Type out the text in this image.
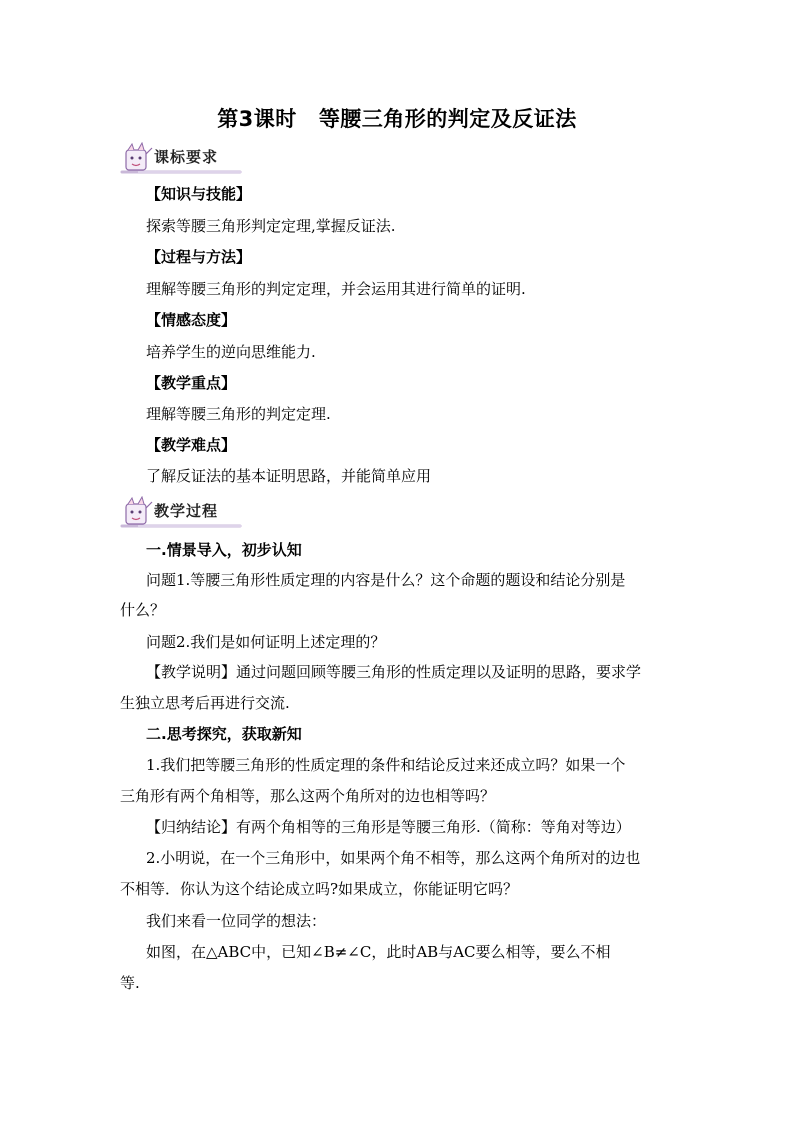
第3课时 等腰三角形的判定及反证法
课标要求
【知识与技能】
探索等腰三角形判定定理,掌握反证法.
【过程与方法】
理解等腰三角形的判定定理，并会运用其进行简单的证明.
【情感态度】
培养学生的逆向思维能力.
【教学重点】
理解等腰三角形的判定定理.
【教学难点】
了解反证法的基本证明思路，并能简单应用
教学过程
一.情景导入，初步认知
问题1.等腰三角形性质定理的内容是什么？这个命题的题设和结论分别是
什么？
问题2.我们是如何证明上述定理的？
【教学说明】通过问题回顾等腰三角形的性质定理以及证明的思路，要求学
生独立思考后再进行交流.
二.思考探究，获取新知
1.我们把等腰三角形的性质定理的条件和结论反过来还成立吗？如果一个
三角形有两个角相等，那么这两个角所对的边也相等吗？
【归纳结论】有两个角相等的三角形是等腰三角形.（简称：等角对等边）
2.小明说，在一个三角形中，如果两个角不相等，那么这两个角所对的边也
不相等．你认为这个结论成立吗?如果成立，你能证明它吗？
我们来看一位同学的想法：
如图，在△ABC中，已知∠B≠∠C，此时AB与AC要么相等，要么不相
等.
